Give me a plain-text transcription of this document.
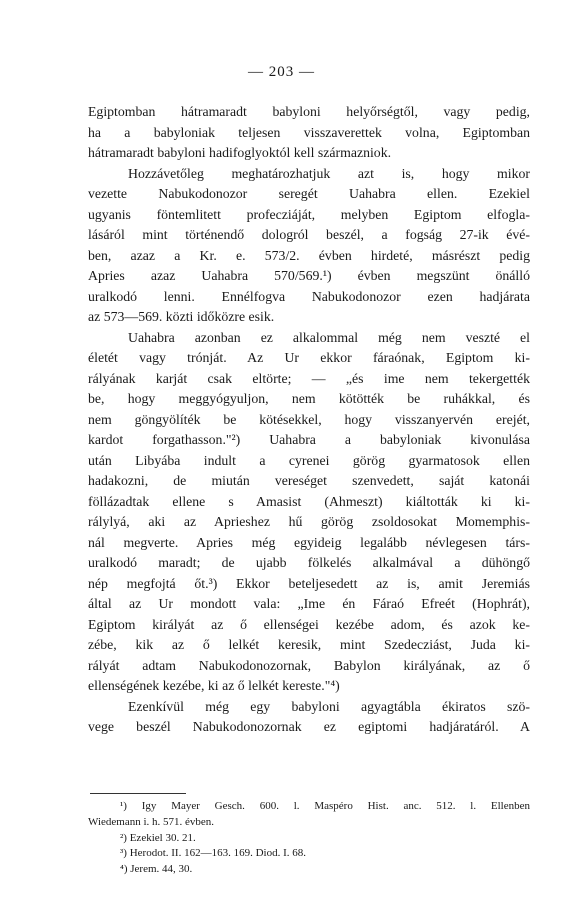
— 203 —
Egiptomban hátramaradt babyloni helyőrségtől, vagy pedig,
ha a babyloniak teljesen visszaverettek volna, Egiptomban
hátramaradt babyloni hadifoglyoktól kell származniok.
Hozzávetőleg meghatározhatjuk azt is, hogy mikor
vezette Nabukodonozor seregét Uahabra ellen. Ezekiel
ugyanis föntemlitett profecziáját, melyben Egiptom elfogla-
lásáról mint történendő dologról beszél, a fogság 27-ik évé-
ben, azaz a Kr. e. 573/2. évben hirdeté, másrészt pedig
Apries azaz Uahabra 570/569.¹) évben megszünt önálló
uralkodó lenni. Ennélfogva Nabukodonozor ezen hadjárata
az 573—569. közti időközre esik.
Uahabra azonban ez alkalommal még nem veszté el
életét vagy trónját. Az Ur ekkor fáraónak, Egiptom ki-
rályának karját csak eltörte; — „és ime nem tekergették
be, hogy meggyógyuljon, nem kötötték be ruhákkal, és
nem göngyölíték be kötésekkel, hogy visszanyervén erejét,
kardot forgathasson."²) Uahabra a babyloniak kivonulása
után Libyába indult a cyrenei görög gyarmatosok ellen
hadakozni, de miután vereséget szenvedett, saját katonái
föllázadtak ellene s Amasist (Ahmeszt) kiáltották ki ki-
rálylyá, aki az Aprieshez hű görög zsoldosokat Momemphis-
nál megverte. Apries még egyideig legalább névlegesen társ-
uralkodó maradt; de ujabb fölkelés alkalmával a dühöngő
nép megfojtá őt.³) Ekkor beteljesedett az is, amit Jeremiás
által az Ur mondott vala: „Ime én Fáraó Efreét (Hophrát),
Egiptom királyát az ő ellenségei kezébe adom, és azok ke-
zébe, kik az ő lelkét keresik, mint Szedecziást, Juda ki-
rályát adtam Nabukodonozornak, Babylon királyának, az ő
ellenségének kezébe, ki az ő lelkét kereste."⁴)
Ezenkívül még egy babyloni agyagtábla ékiratos szö-
vege beszél Nabukodonozornak ez egiptomi hadjáratáról. A
¹) Igy Mayer Gesch. 600. l. Maspéro Hist. anc. 512. l. Ellenben
Wiedemann i. h. 571. évben.
²) Ezekiel 30. 21.
³) Herodot. II. 162—163. 169. Diod. I. 68.
⁴) Jerem. 44, 30.
